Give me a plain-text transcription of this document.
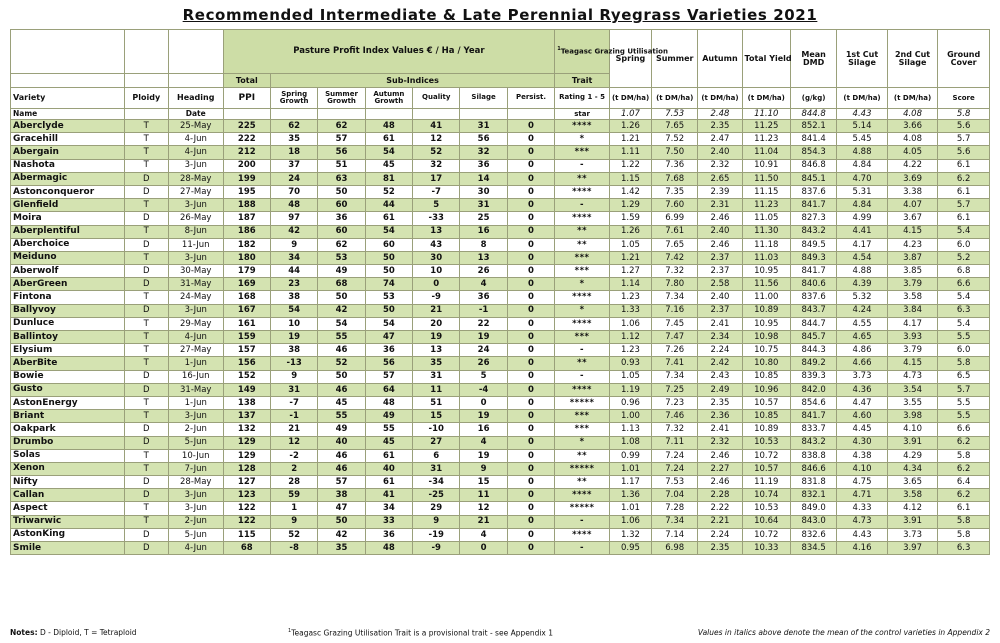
Recommended Intermediate & Late Perennial Ryegrass Varieties 2021
			Pasture Profit Index Values € / Ha / Year							$^1$Teagasc Grazing Utilisation	Spring	Summer	Autumn	Total Yield	Mean DMD	1st Cut Silage	2nd Cut Silage	Ground Cover
			Total	Sub-Indices						Trait								
Variety	Ploidy	Heading	PPI	Spring Growth	Summer Growth	Autumn Growth	Quality	Silage	Persist.	Rating 1 - 5	(t DM/ha)	(t DM/ha)	(t DM/ha)	(t DM/ha)	(g/kg)	(t DM/ha)	(t DM/ha)	Score
Name		Date								star	1.07	7.53	2.48	11.10	844.8	4.43	4.08	5.8
Aberclyde	T	25-May	225	62	62	48	41	31	0	****	1.26	7.65	2.35	11.25	852.1	5.14	3.66	5.6
Gracehill	T	4-Jun	222	35	57	61	12	56	0	*	1.21	7.52	2.47	11.23	841.4	5.45	4.08	5.7
Abergain	T	4-Jun	212	18	56	54	52	32	0	***	1.11	7.50	2.40	11.04	854.3	4.88	4.05	5.6
Nashota	T	3-Jun	200	37	51	45	32	36	0	-	1.22	7.36	2.32	10.91	846.8	4.84	4.22	6.1
Abermagic	D	28-May	199	24	63	81	17	14	0	**	1.15	7.68	2.65	11.50	845.1	4.70	3.69	6.2
Astonconqueror	D	27-May	195	70	50	52	-7	30	0	****	1.42	7.35	2.39	11.15	837.6	5.31	3.38	6.1
Glenfield	T	3-Jun	188	48	60	44	5	31	0	-	1.29	7.60	2.31	11.23	841.7	4.84	4.07	5.7
Moira	D	26-May	187	97	36	61	-33	25	0	****	1.59	6.99	2.46	11.05	827.3	4.99	3.67	6.1
Aberplentiful	T	8-Jun	186	42	60	54	13	16	0	**	1.26	7.61	2.40	11.30	843.2	4.41	4.15	5.4
Aberchoice	D	11-Jun	182	9	62	60	43	8	0	**	1.05	7.65	2.46	11.18	849.5	4.17	4.23	6.0
Meiduno	T	3-Jun	180	34	53	50	30	13	0	***	1.21	7.42	2.37	11.03	849.3	4.54	3.87	5.2
Aberwolf	D	30-May	179	44	49	50	10	26	0	***	1.27	7.32	2.37	10.95	841.7	4.88	3.85	6.8
AberGreen	D	31-May	169	23	68	74	0	4	0	*	1.14	7.80	2.58	11.56	840.6	4.39	3.79	6.6
Fintona	T	24-May	168	38	50	53	-9	36	0	****	1.23	7.34	2.40	11.00	837.6	5.32	3.58	5.4
Ballyvoy	D	3-Jun	167	54	42	50	21	-1	0	*	1.33	7.16	2.37	10.89	843.7	4.24	3.84	6.3
Dunluce	T	29-May	161	10	54	54	20	22	0	****	1.06	7.45	2.41	10.95	844.7	4.55	4.17	5.4
Ballintoy	T	4-Jun	159	19	55	47	19	19	0	***	1.12	7.47	2.34	10.98	845.7	4.65	3.93	5.5
Elysium	T	27-May	157	38	46	36	13	24	0	-	1.23	7.26	2.24	10.75	844.3	4.86	3.79	6.0
AberBite	T	1-Jun	156	-13	52	56	35	26	0	**	0.93	7.41	2.42	10.80	849.2	4.66	4.15	5.8
Bowie	D	16-Jun	152	9	50	57	31	5	0	-	1.05	7.34	2.43	10.85	839.3	3.73	4.73	6.5
Gusto	D	31-May	149	31	46	64	11	-4	0	****	1.19	7.25	2.49	10.96	842.0	4.36	3.54	5.7
AstonEnergy	T	1-Jun	138	-7	45	48	51	0	0	*****	0.96	7.23	2.35	10.57	854.6	4.47	3.55	5.5
Briant	T	3-Jun	137	-1	55	49	15	19	0	***	1.00	7.46	2.36	10.85	841.7	4.60	3.98	5.5
Oakpark	D	2-Jun	132	21	49	55	-10	16	0	***	1.13	7.32	2.41	10.89	833.7	4.45	4.10	6.6
Drumbo	D	5-Jun	129	12	40	45	27	4	0	*	1.08	7.11	2.32	10.53	843.2	4.30	3.91	6.2
Solas	T	10-Jun	129	-2	46	61	6	19	0	**	0.99	7.24	2.46	10.72	838.8	4.38	4.29	5.8
Xenon	T	7-Jun	128	2	46	40	31	9	0	*****	1.01	7.24	2.27	10.57	846.6	4.10	4.34	6.2
Nifty	D	28-May	127	28	57	61	-34	15	0	**	1.17	7.53	2.46	11.19	831.8	4.75	3.65	6.4
Callan	D	3-Jun	123	59	38	41	-25	11	0	****	1.36	7.04	2.28	10.74	832.1	4.71	3.58	6.2
Aspect	T	3-Jun	122	1	47	34	29	12	0	*****	1.01	7.28	2.22	10.53	849.0	4.33	4.12	6.1
Triwarwic	T	2-Jun	122	9	50	33	9	21	0	-	1.06	7.34	2.21	10.64	843.0	4.73	3.91	5.8
AstonKing	D	5-Jun	115	52	42	36	-19	4	0	****	1.32	7.14	2.24	10.72	832.6	4.43	3.73	5.8
Smile	D	4-Jun	68	-8	35	48	-9	0	0	-	0.95	6.98	2.35	10.33	834.5	4.16	3.97	6.3
Notes: D - Diploid, T = Tetraploid	$^1$Teagasc Grazing Utilisation Trait is a provisional trait - see Appendix 1	Values in italics above denote the mean of the control varieties in Appendix 2
